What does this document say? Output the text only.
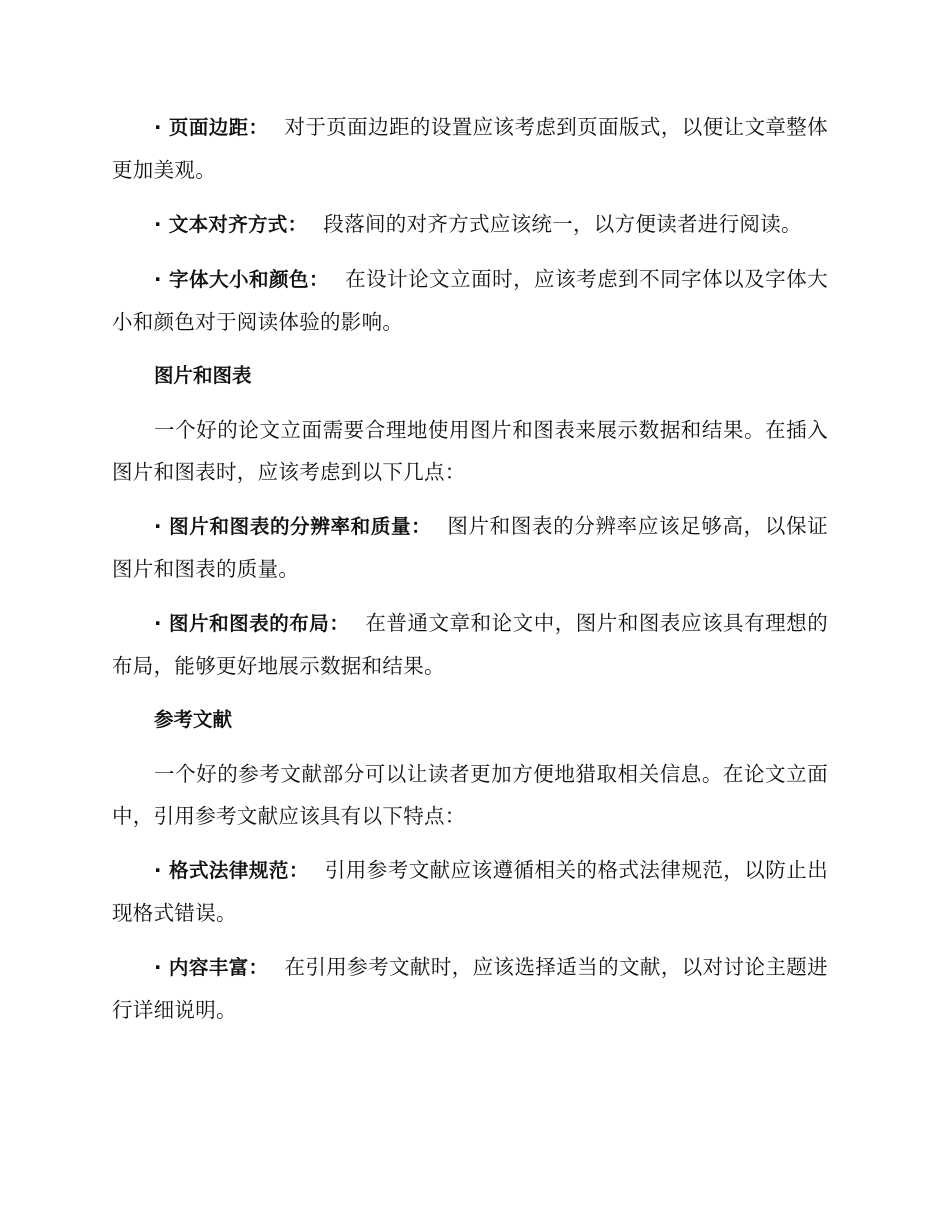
· 页面边距： 对于页面边距的设置应该考虑到页面版式，以便让文章整体更加美观。

· 文本对齐方式： 段落间的对齐方式应该统一，以方便读者进行阅读。

· 字体大小和颜色： 在设计论文立面时，应该考虑到不同字体以及字体大小和颜色对于阅读体验的影响。

图片和图表

一个好的论文立面需要合理地使用图片和图表来展示数据和结果。在插入图片和图表时，应该考虑到以下几点：

· 图片和图表的分辨率和质量： 图片和图表的分辨率应该足够高，以保证图片和图表的质量。

· 图片和图表的布局： 在普通文章和论文中，图片和图表应该具有理想的布局，能够更好地展示数据和结果。

参考文献

一个好的参考文献部分可以让读者更加方便地猎取相关信息。在论文立面中，引用参考文献应该具有以下特点：

· 格式法律规范： 引用参考文献应该遵循相关的格式法律规范，以防止出现格式错误。

· 内容丰富： 在引用参考文献时，应该选择适当的文献，以对讨论主题进行详细说明。
